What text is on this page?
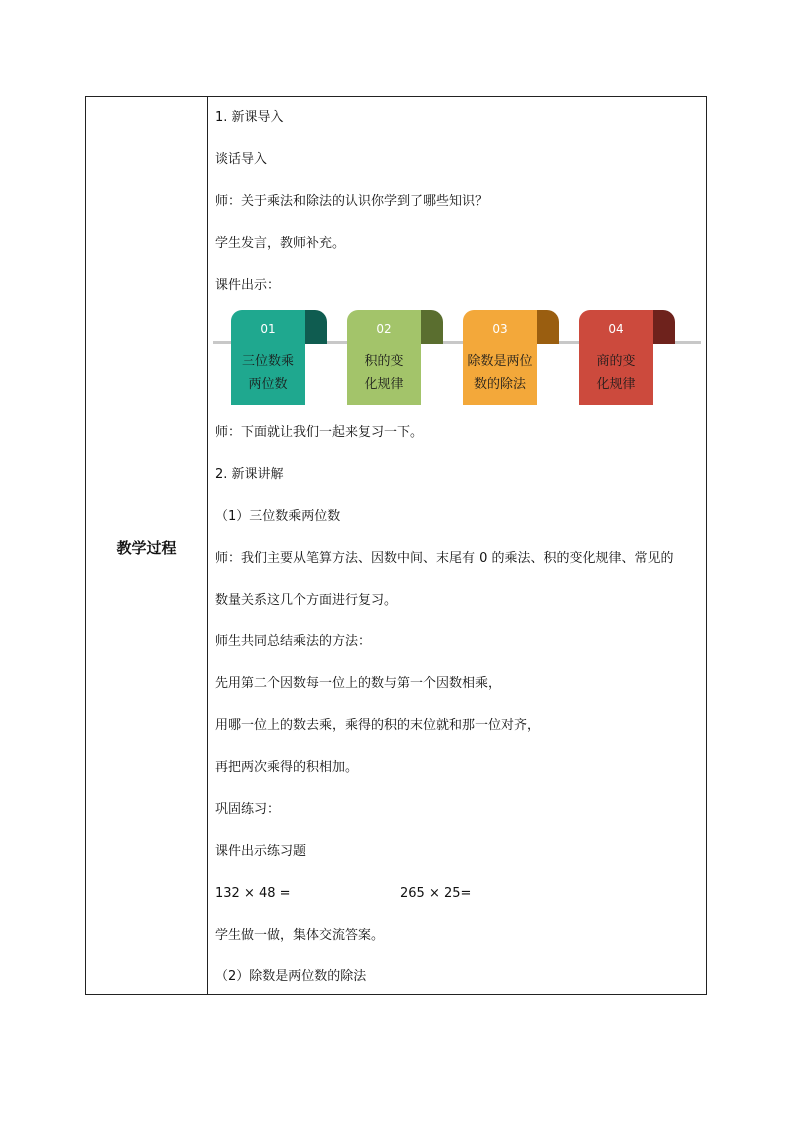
教学过程
1. 新课导入
谈话导入
师：关于乘法和除法的认识你学到了哪些知识？
学生发言，教师补充。
课件出示：
01
三位数乘
两位数
02
积的变
化规律
03
除数是两位
数的除法
04
商的变
化规律
师：下面就让我们一起来复习一下。
2. 新课讲解
（1）三位数乘两位数
师：我们主要从笔算方法、因数中间、末尾有 0 的乘法、积的变化规律、常见的
数量关系这几个方面进行复习。
师生共同总结乘法的方法：
先用第二个因数每一位上的数与第一个因数相乘，
用哪一位上的数去乘，乘得的积的末位就和那一位对齐，
再把两次乘得的积相加。
巩固练习：
课件出示练习题
132 × 48 =	265 × 25=
学生做一做，集体交流答案。
（2）除数是两位数的除法
